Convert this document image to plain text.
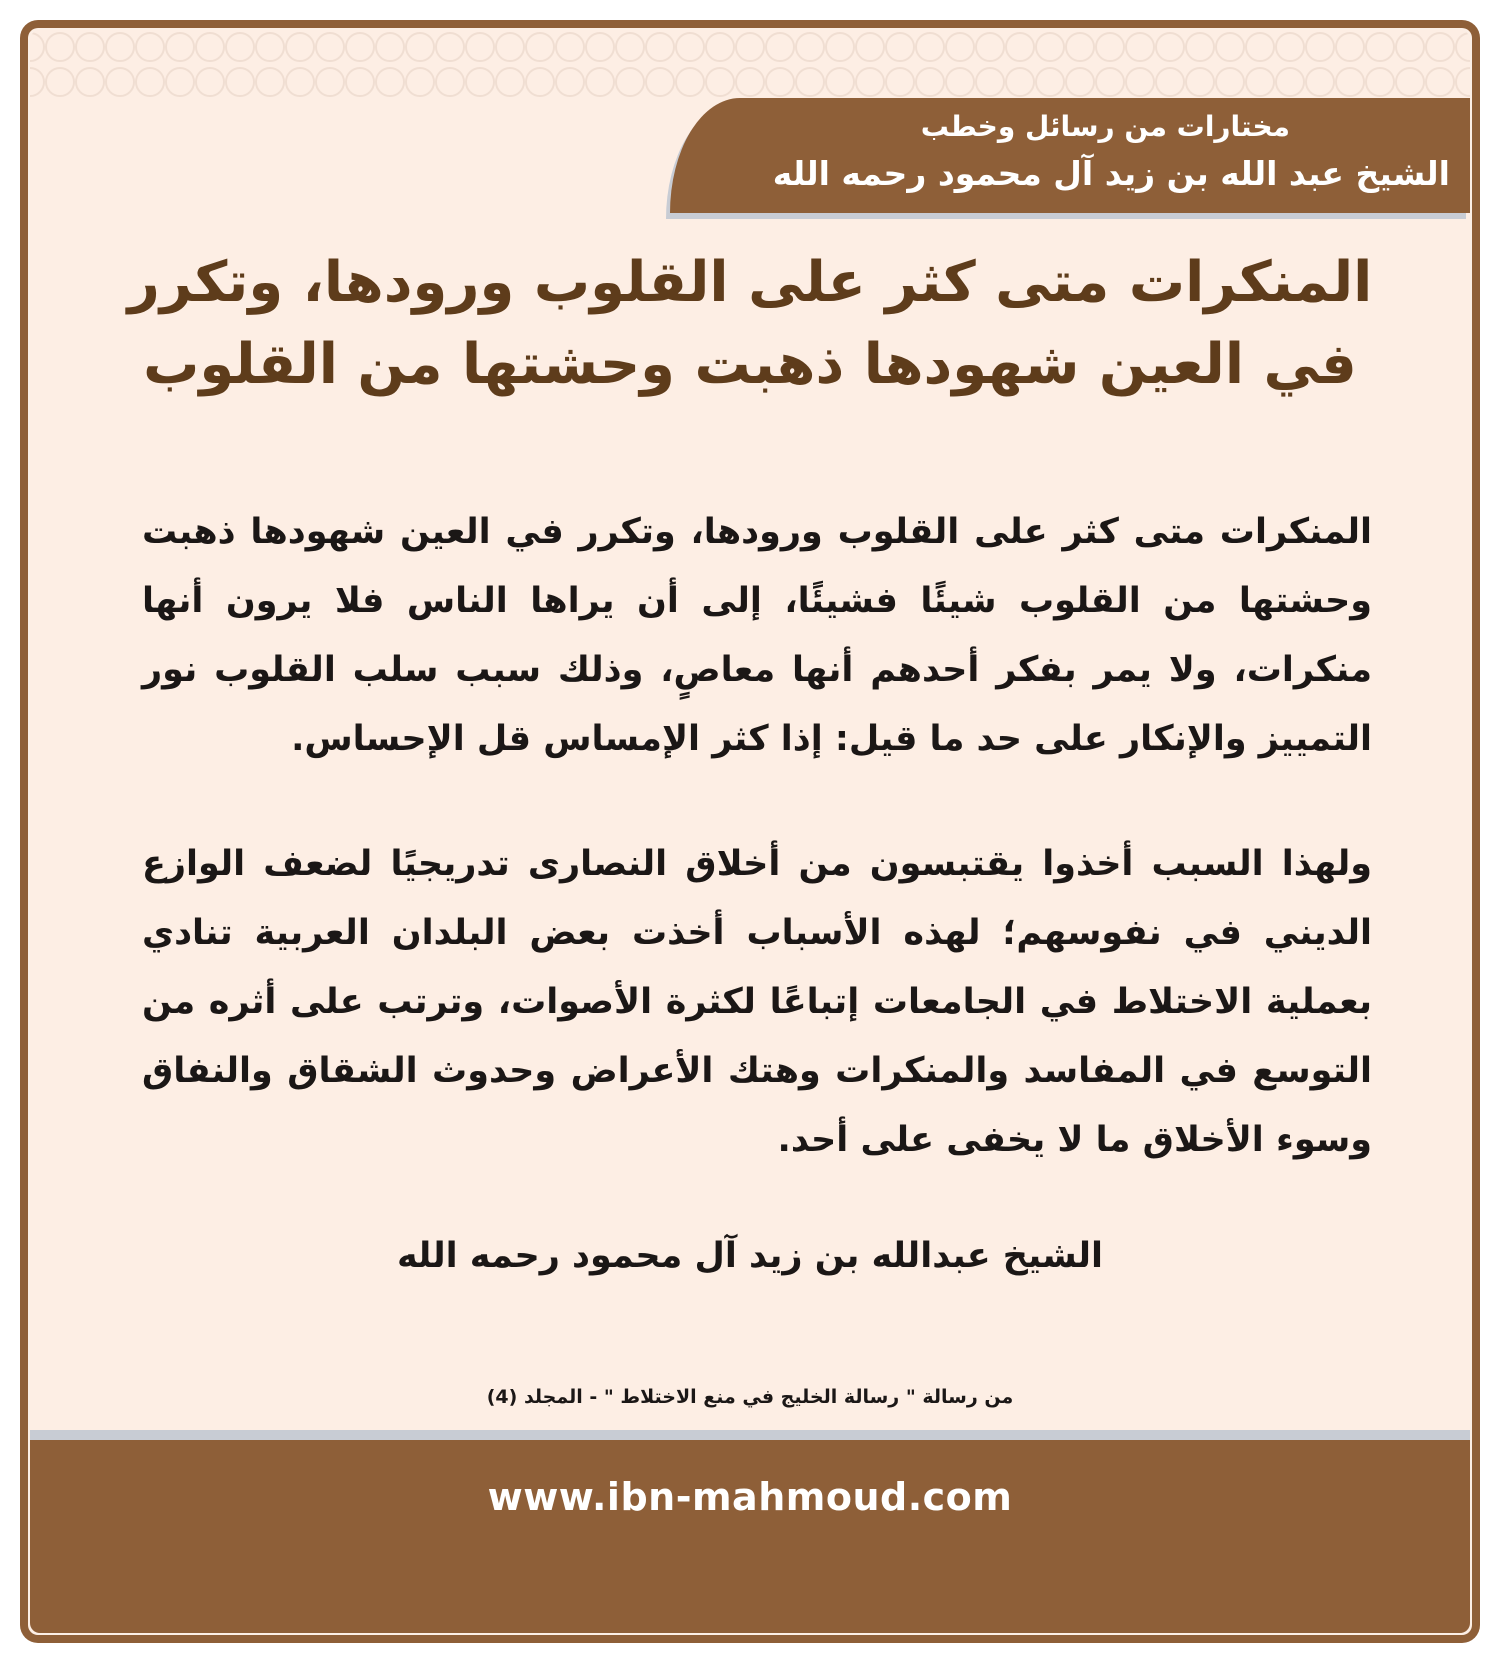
مختارات من رسائل وخطب
الشيخ عبد الله بن زيد آل محمود رحمه الله
المنكرات متى كثر على القلوب ورودها، وتكرر في العين شهودها ذهبت وحشتها من القلوب

المنكرات متى كثر على القلوب ورودها، وتكرر في العين شهودها ذهبت وحشتها من القلوب شيئًا فشيئًا، إلى أن يراها الناس فلا يرون أنها منكرات، ولا يمر بفكر أحدهم أنها معاصٍ، وذلك سبب سلب القلوب نور التمييز والإنكار على حد ما قيل: إذا كثر الإمساس قل الإحساس.

ولهذا السبب أخذوا يقتبسون من أخلاق النصارى تدريجيًا لضعف الوازع الديني في نفوسهم؛ لهذه الأسباب أخذت بعض البلدان العربية تنادي بعملية الاختلاط في الجامعات إتباعًا لكثرة الأصوات، وترتب على أثره من التوسع في المفاسد والمنكرات وهتك الأعراض وحدوث الشقاق والنفاق وسوء الأخلاق ما لا يخفى على أحد.

الشيخ عبدالله بن زيد آل محمود رحمه الله

من رسالة " رسالة الخليج في منع الاختلاط " - المجلد (4)

www.ibn-mahmoud.com
